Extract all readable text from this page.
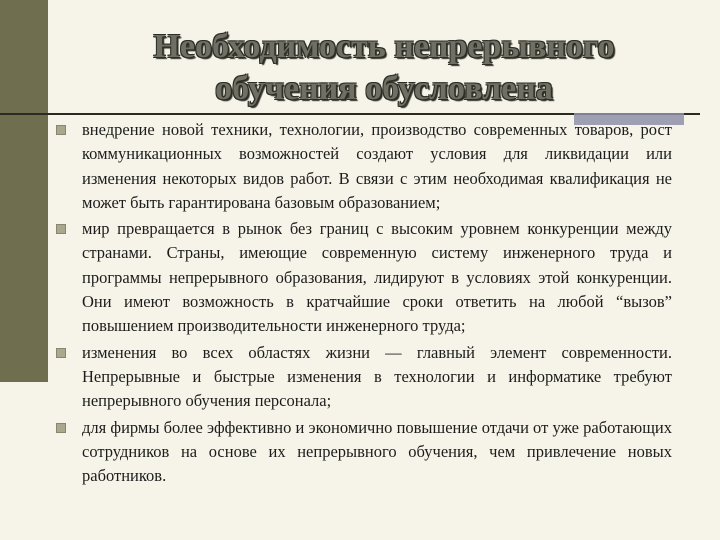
Необходимость непрерывного
обучения обусловлена
внедрение новой техники, технологии, производство современных товаров, рост коммуникационных возможностей создают условия для ликвидации или изменения некоторых видов работ. В связи с этим необходимая квалификация не может быть гарантирована базовым образованием;
мир превращается в рынок без границ с высоким уровнем конкуренции между странами. Страны, имеющие современную систему инженерного труда и программы непрерывного образования, лидируют в условиях этой конкуренции. Они имеют возможность в кратчайшие сроки ответить на любой “вызов” повышением производительности инженерного труда;
изменения во всех областях жизни — главный элемент современности. Непрерывные и быстрые изменения в технологии и информатике требуют непрерывного обучения персонала;
для фирмы более эффективно и экономично повышение отдачи от уже работающих сотрудников на основе их непрерывного обучения, чем привлечение новых работников.
